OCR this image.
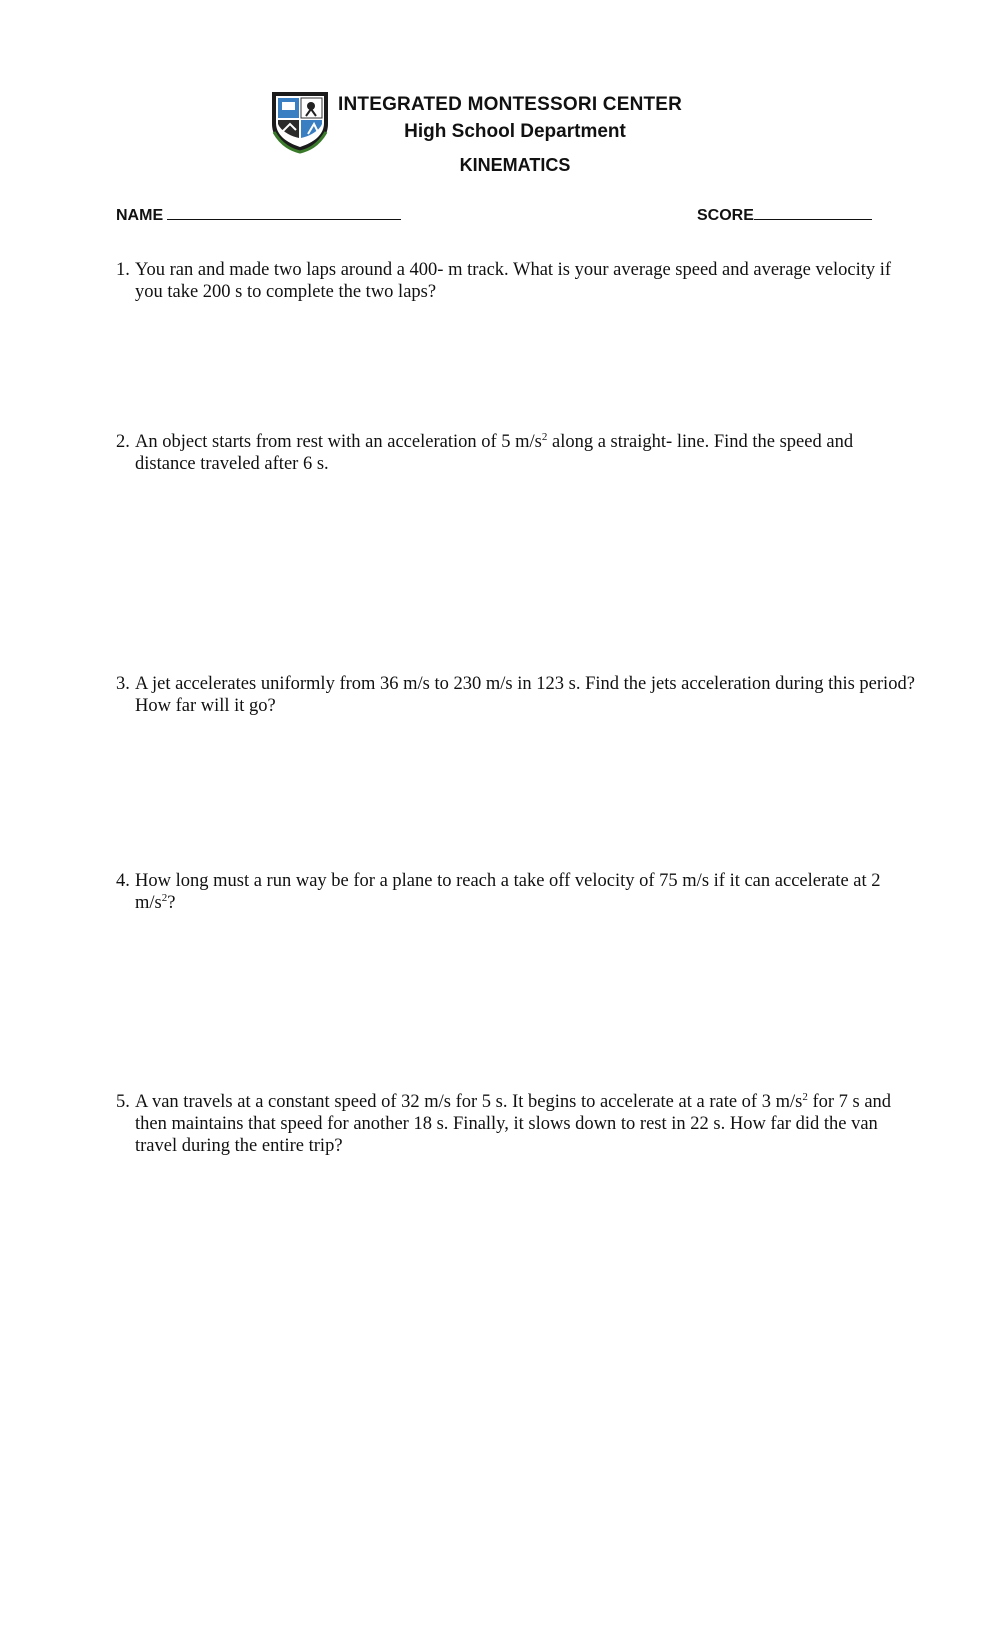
INTEGRATED MONTESSORI CENTER
High School Department
KINEMATICS
NAME	SCORE
1. You ran and made two laps around a 400- m track. What is your average speed and average velocity if you take 200 s to complete the two laps?
2. An object starts from rest with an acceleration of 5 $m/s^2$ along a straight- line. Find the speed and distance traveled after 6 s.
3. A jet accelerates uniformly from 36 m/s to 230 m/s in 123 s. Find the jets acceleration during this period? How far will it go?
4. How long must a run way be for a plane to reach a take off velocity of 75 m/s if it can accelerate at 2 $m/s^2$?
5. A van travels at a constant speed of 32 m/s for 5 s. It begins to accelerate at a rate of 3 $m/s^2$ for 7 s and then maintains that speed for another 18 s. Finally, it slows down to rest in 22 s. How far did the van travel during the entire trip?
